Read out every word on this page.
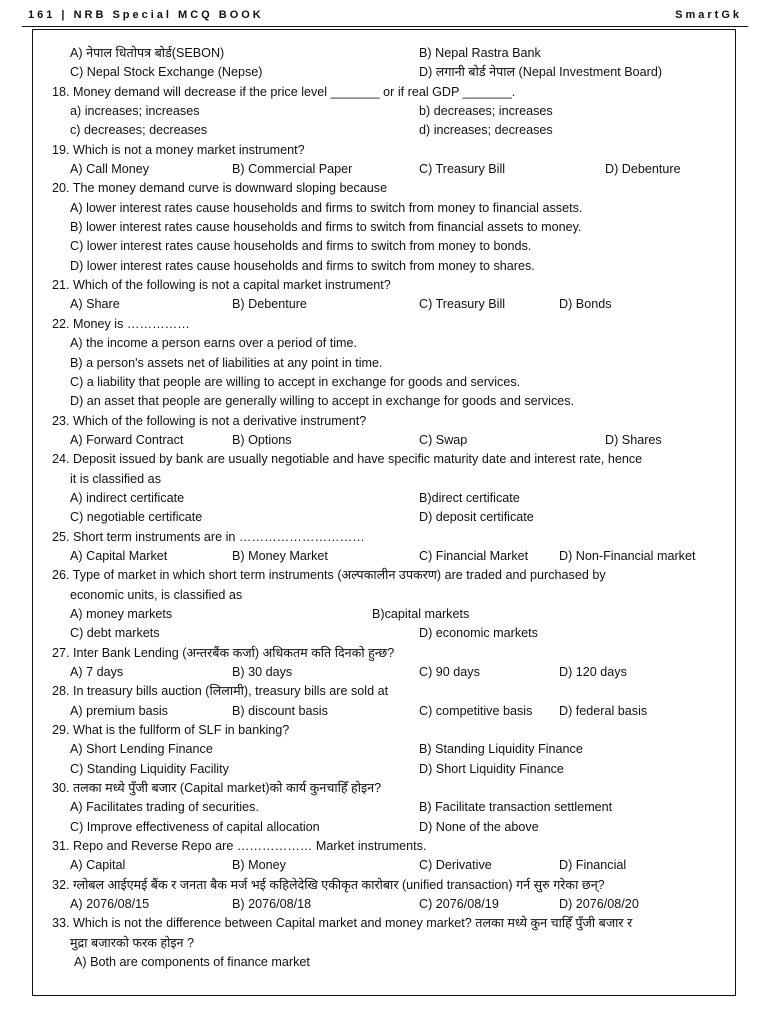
161 | NRB Special MCQ BOOK	SmartGk
A) नेपाल धितोपत्र बोर्ड(SEBON)	B) Nepal Rastra Bank
C) Nepal Stock Exchange (Nepse)	D) लगानी बोर्ड नेपाल (Nepal Investment Board)
18. Money demand will decrease if the price level _______ or if real GDP _______.
a) increases; increases	b) decreases; increases
c) decreases; decreases	d) increases; decreases
19. Which is not a money market instrument?
A) Call Money	B) Commercial Paper	C) Treasury Bill	D) Debenture
20. The money demand curve is downward sloping because
A) lower interest rates cause households and firms to switch from money to financial assets.
B) lower interest rates cause households and firms to switch from financial assets to money.
C) lower interest rates cause households and firms to switch from money to bonds.
D) lower interest rates cause households and firms to switch from money to shares.
21. Which of the following is not a capital market instrument?
A) Share	B) Debenture	C) Treasury Bill	D) Bonds
22. Money is ……………
A) the income a person earns over a period of time.
B) a person's assets net of liabilities at any point in time.
C) a liability that people are willing to accept in exchange for goods and services.
D) an asset that people are generally willing to accept in exchange for goods and services.
23. Which of the following is not a derivative instrument?
A) Forward Contract	B) Options	C) Swap	D) Shares
24. Deposit issued by bank are usually negotiable and have specific maturity date and interest rate, hence
it is classified as
A) indirect certificate	B)direct certificate
C) negotiable certificate	D) deposit certificate
25. Short term instruments are in …………………………
A) Capital Market	B) Money Market	C) Financial Market D) Non-Financial market
26. Type of market in which short term instruments (अल्पकालीन उपकरण) are traded and purchased by
economic units, is classified as
A) money markets	B)capital markets
C) debt markets	D) economic markets
27. Inter Bank Lending (अन्तरबैंक कर्जा) अधिकतम कति दिनको हुन्छ?
A) 7 days	B) 30 days	C) 90 days	D) 120 days
28. In treasury bills auction (लिलामी), treasury bills are sold at
A) premium basis	B) discount basis	C) competitive basis D) federal basis
29. What is the fullform of SLF in banking?
A) Short Lending Finance	B) Standing Liquidity Finance
C) Standing Liquidity Facility	D) Short Liquidity Finance
30. तलका मध्ये पुँजी बजार (Capital market)को कार्य कुनचाहिँ होइन?
A) Facilitates trading of securities.	B) Facilitate transaction settlement
C) Improve effectiveness of capital allocation	D) None of the above
31. Repo and Reverse Repo are ……………… Market instruments.
A) Capital	B) Money	C) Derivative	D) Financial
32. ग्लोबल आईएमई बैंक र जनता बैक मर्ज भई कहिलेदेखि एकीकृत कारोबार (unified transaction) गर्न सुरु गरेका छन्?
A) 2076/08/15	B) 2076/08/18	C) 2076/08/19	D) 2076/08/20
33. Which is not the difference between Capital market and money market? तलका मध्ये कुन चाहिँ पुँजी बजार र
मुद्रा बजारको फरक होइन ?
A) Both are components of finance market
